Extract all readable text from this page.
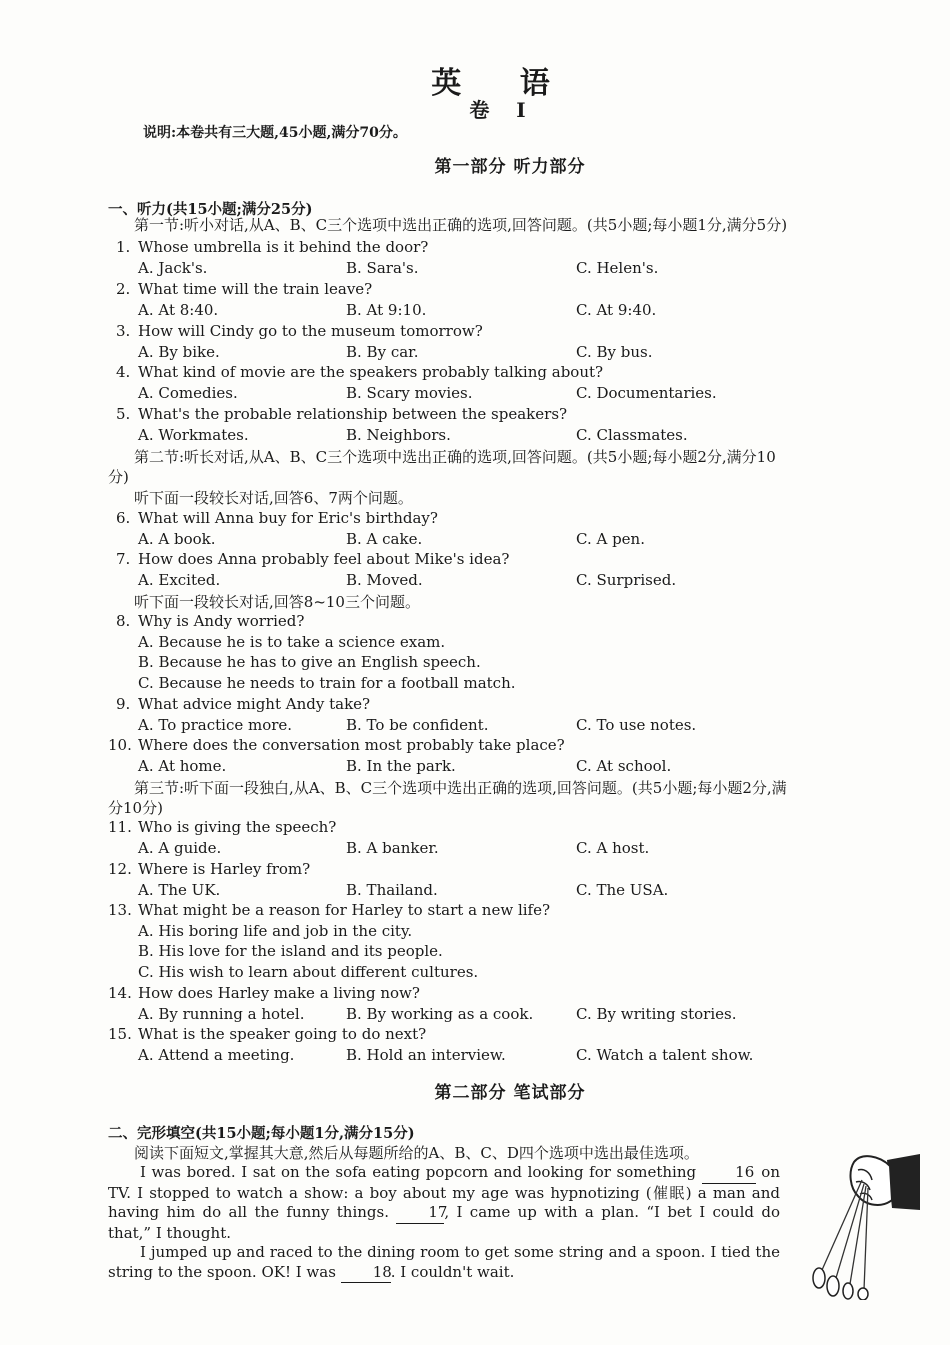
英 语
卷 Ⅰ
说明:本卷共有三大题,45小题,满分70分。
第一部分 听力部分
一、听力(共15小题;满分25分)
第一节:听小对话,从A、B、C三个选项中选出正确的选项,回答问题。(共5小题;每小题1分,满分5分)
1. Whose umbrella is it behind the door?
A. Jack's.	B. Sara's.	C. Helen's.
2. What time will the train leave?
A. At 8:40.	B. At 9:10.	C. At 9:40.
3. How will Cindy go to the museum tomorrow?
A. By bike.	B. By car.	C. By bus.
4. What kind of movie are the speakers probably talking about?
A. Comedies.	B. Scary movies.	C. Documentaries.
5. What's the probable relationship between the speakers?
A. Workmates.	B. Neighbors.	C. Classmates.
第二节:听长对话,从A、B、C三个选项中选出正确的选项,回答问题。(共5小题;每小题2分,满分10
分)
听下面一段较长对话,回答6、7两个问题。
6. What will Anna buy for Eric's birthday?
A. A book.	B. A cake.	C. A pen.
7. How does Anna probably feel about Mike's idea?
A. Excited.	B. Moved.	C. Surprised.
听下面一段较长对话,回答8~10三个问题。
8. Why is Andy worried?
A. Because he is to take a science exam.
B. Because he has to give an English speech.
C. Because he needs to train for a football match.
9. What advice might Andy take?
A. To practice more.	B. To be confident.	C. To use notes.
10. Where does the conversation most probably take place?
A. At home.	B. In the park.	C. At school.
第三节:听下面一段独白,从A、B、C三个选项中选出正确的选项,回答问题。(共5小题;每小题2分,满
分10分)
11. Who is giving the speech?
A. A guide.	B. A banker.	C. A host.
12. Where is Harley from?
A. The UK.	B. Thailand.	C. The USA.
13. What might be a reason for Harley to start a new life?
A. His boring life and job in the city.
B. His love for the island and its people.
C. His wish to learn about different cultures.
14. How does Harley make a living now?
A. By running a hotel.	B. By working as a cook.	C. By writing stories.
15. What is the speaker going to do next?
A. Attend a meeting.	B. Hold an interview.	C. Watch a talent show.
第二部分 笔试部分
二、完形填空(共15小题;每小题1分,满分15分)
阅读下面短文,掌握其大意,然后从每题所给的A、B、C、D四个选项中选出最佳选项。
I was bored. I sat on the sofa eating popcorn and looking for something	16 on TV. I stopped to watch a show: a boy about my age was hypnotizing (催眠) a man and having him do all the funny things.	17, I came up with a plan. “I bet I could do that,” I thought.
I jumped up and raced to the dining room to get some string and a spoon. I tied the string to the spoon. OK! I was 18. I couldn't wait.
